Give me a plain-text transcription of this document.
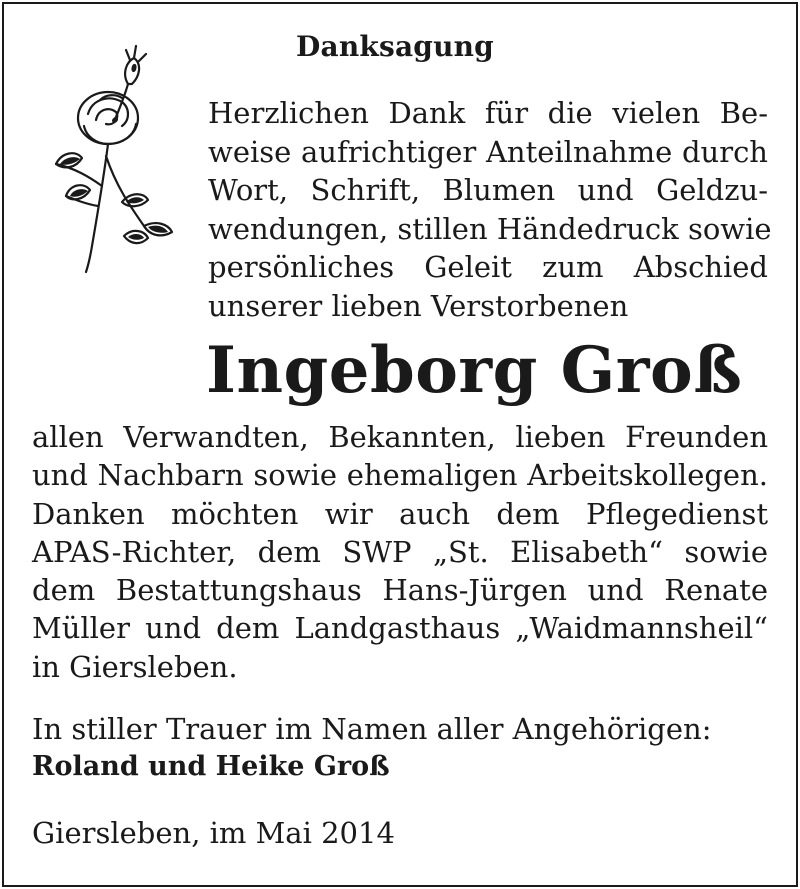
Danksagung
Herzlichen Dank für die vielen Be-
weise aufrichtiger Anteilnahme durch
Wort, Schrift, Blumen und Geldzu-
wendungen, stillen Händedruck sowie
persönliches Geleit zum Abschied
unserer lieben Verstorbenen
Ingeborg Groß
allen Verwandten, Bekannten, lieben Freunden
und Nachbarn sowie ehemaligen Arbeitskollegen.
Danken möchten wir auch dem Pflegedienst
APAS-Richter, dem SWP „St. Elisabeth“ sowie
dem Bestattungshaus Hans-Jürgen und Renate
Müller und dem Landgasthaus „Waidmannsheil“
in Giersleben.
In stiller Trauer im Namen aller Angehörigen:
Roland und Heike Groß
Giersleben, im Mai 2014
